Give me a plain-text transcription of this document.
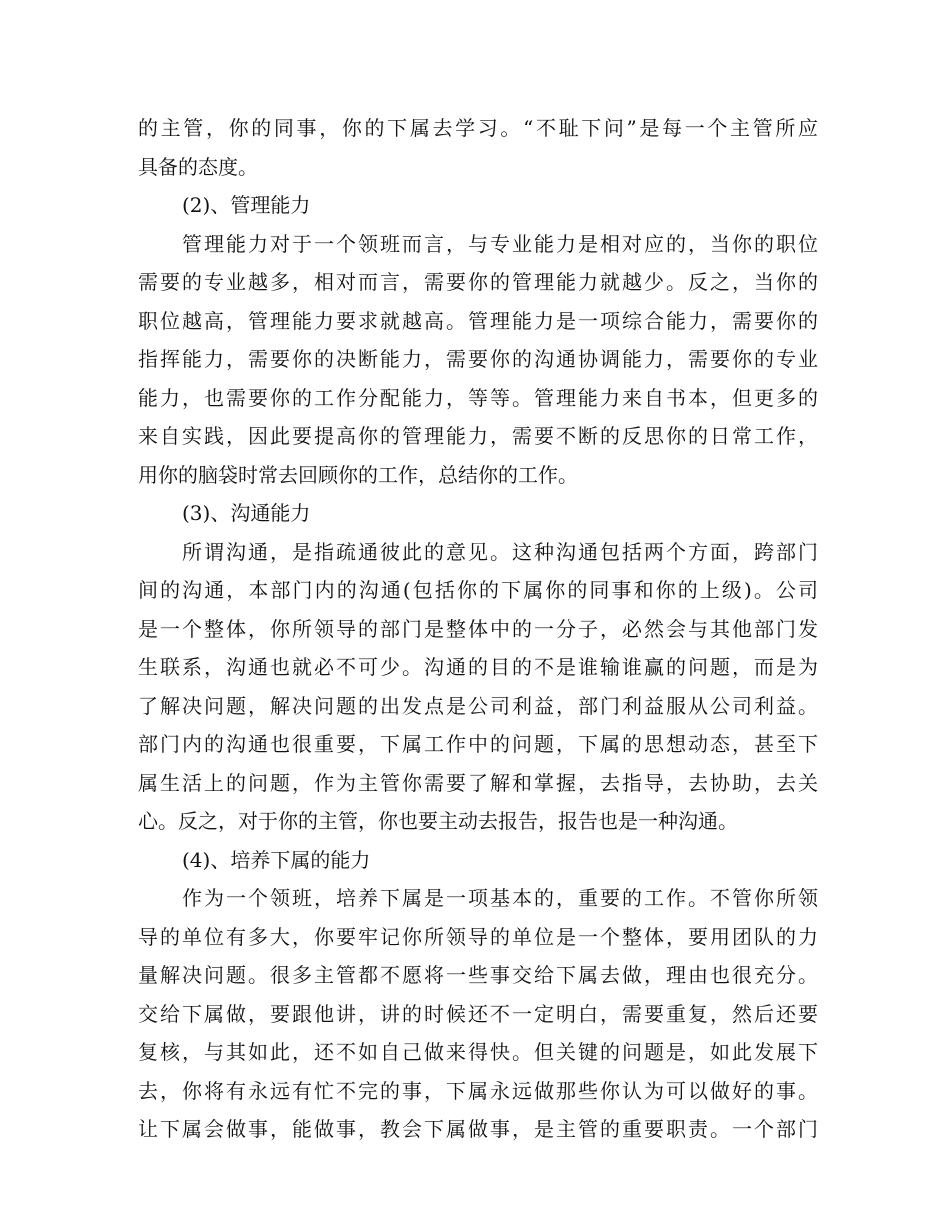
的主管，你的同事，你的下属去学习。“不耻下问”是每一个主管所应
具备的态度。
(2)、管理能力
管理能力对于一个领班而言，与专业能力是相对应的，当你的职位
需要的专业越多，相对而言，需要你的管理能力就越少。反之，当你的
职位越高，管理能力要求就越高。管理能力是一项综合能力，需要你的
指挥能力，需要你的决断能力，需要你的沟通协调能力，需要你的专业
能力，也需要你的工作分配能力，等等。管理能力来自书本，但更多的
来自实践，因此要提高你的管理能力，需要不断的反思你的日常工作，
用你的脑袋时常去回顾你的工作，总结你的工作。
(3)、沟通能力
所谓沟通，是指疏通彼此的意见。这种沟通包括两个方面，跨部门
间的沟通，本部门内的沟通(包括你的下属你的同事和你的上级)。公司
是一个整体，你所领导的部门是整体中的一分子，必然会与其他部门发
生联系，沟通也就必不可少。沟通的目的不是谁输谁赢的问题，而是为
了解决问题，解决问题的出发点是公司利益，部门利益服从公司利益。
部门内的沟通也很重要，下属工作中的问题，下属的思想动态，甚至下
属生活上的问题，作为主管你需要了解和掌握，去指导，去协助，去关
心。反之，对于你的主管，你也要主动去报告，报告也是一种沟通。
(4)、培养下属的能力
作为一个领班，培养下属是一项基本的，重要的工作。不管你所领
导的单位有多大，你要牢记你所领导的单位是一个整体，要用团队的力
量解决问题。很多主管都不愿将一些事交给下属去做，理由也很充分。
交给下属做，要跟他讲，讲的时候还不一定明白，需要重复，然后还要
复核，与其如此，还不如自己做来得快。但关键的问题是，如此发展下
去，你将有永远有忙不完的事，下属永远做那些你认为可以做好的事。
让下属会做事，能做事，教会下属做事，是主管的重要职责。一个部门
